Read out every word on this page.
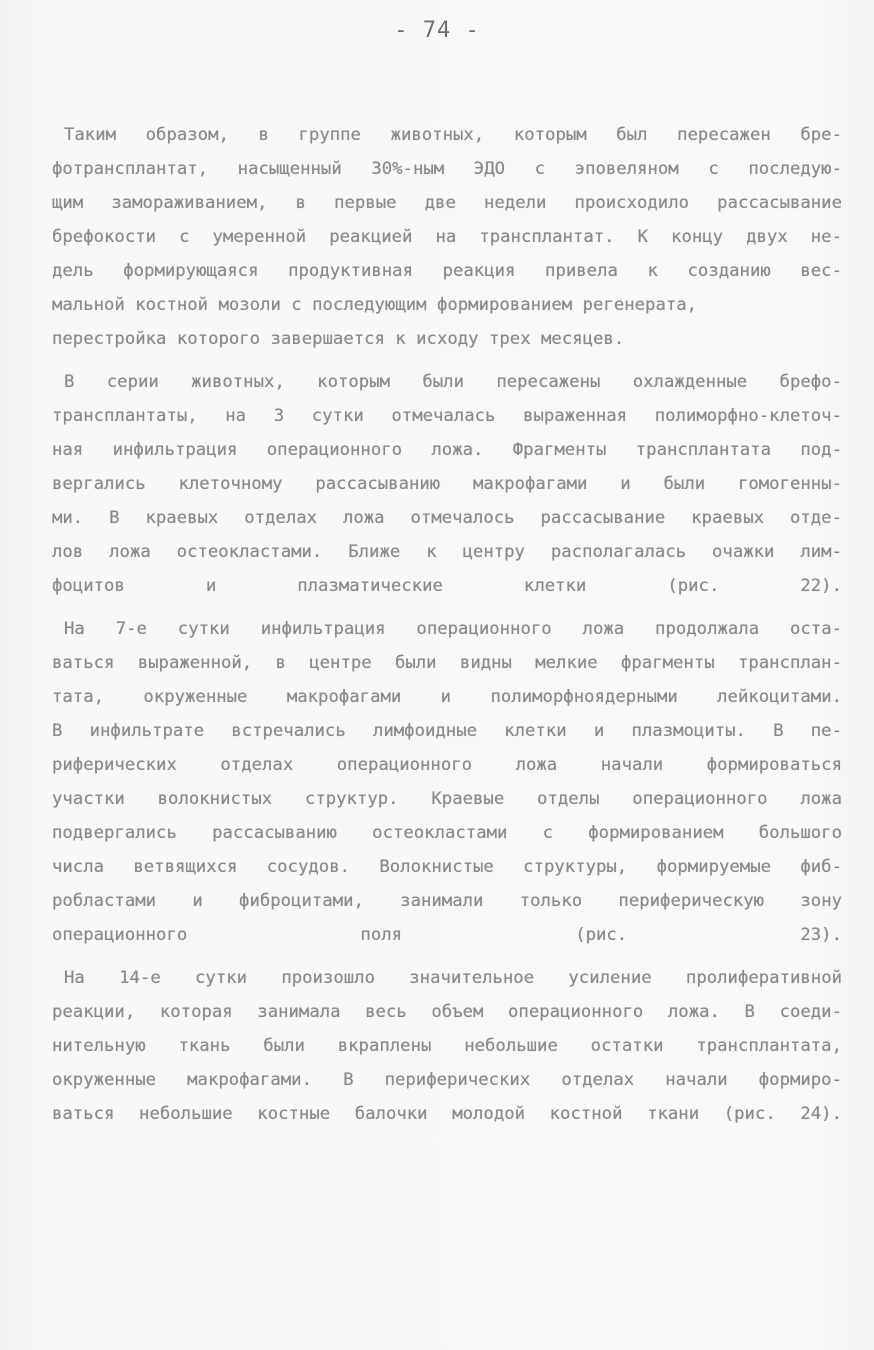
- 74 -
Таким образом, в группе животных, которым был пересажен бре-
фотрансплантат, насыщенный 30%-ным ЭДО с эповеляном с последую-
щим замораживанием, в первые две недели происходило рассасывание
брефокости с умеренной реакцией на трансплантат. К концу двух не-
дель формирующаяся продуктивная реакция привела к созданию вес-
мальной костной мозоли с последующим формированием регенерата,
перестройка которого завершается к исходу трех месяцев.
В серии животных, которым были пересажены охлажденные брефо-
трансплантаты, на 3 сутки отмечалась выраженная полиморфно-клеточ-
ная инфильтрация операционного ложа. Фрагменты трансплантата под-
вергались клеточному рассасыванию макрофагами и были гомогенны-
ми. В краевых отделах ложа отмечалось рассасывание краевых отде-
лов ложа остеокластами. Ближе к центру располагалась очажки лим-
фоцитов и плазматические клетки (рис. 22).
На 7-е сутки инфильтрация операционного ложа продолжала оста-
ваться выраженной, в центре были видны мелкие фрагменты трансплан-
тата, окруженные макрофагами и полиморфноядерными лейкоцитами.
В инфильтрате встречались лимфоидные клетки и плазмоциты. В пе-
риферических отделах операционного ложа начали формироваться
участки волокнистых структур. Краевые отделы операционного ложа
подвергались рассасыванию остеокластами с формированием большого
числа ветвящихся сосудов. Волокнистые структуры, формируемые фиб-
робластами и фиброцитами, занимали только периферическую зону
операционного поля (рис. 23).
На 14-е сутки произошло значительное усиление пролиферативной
реакции, которая занимала весь объем операционного ложа. В соеди-
нительную ткань были вкраплены небольшие остатки трансплантата,
окруженные макрофагами. В периферических отделах начали формиро-
ваться небольшие костные балочки молодой костной ткани (рис. 24).
